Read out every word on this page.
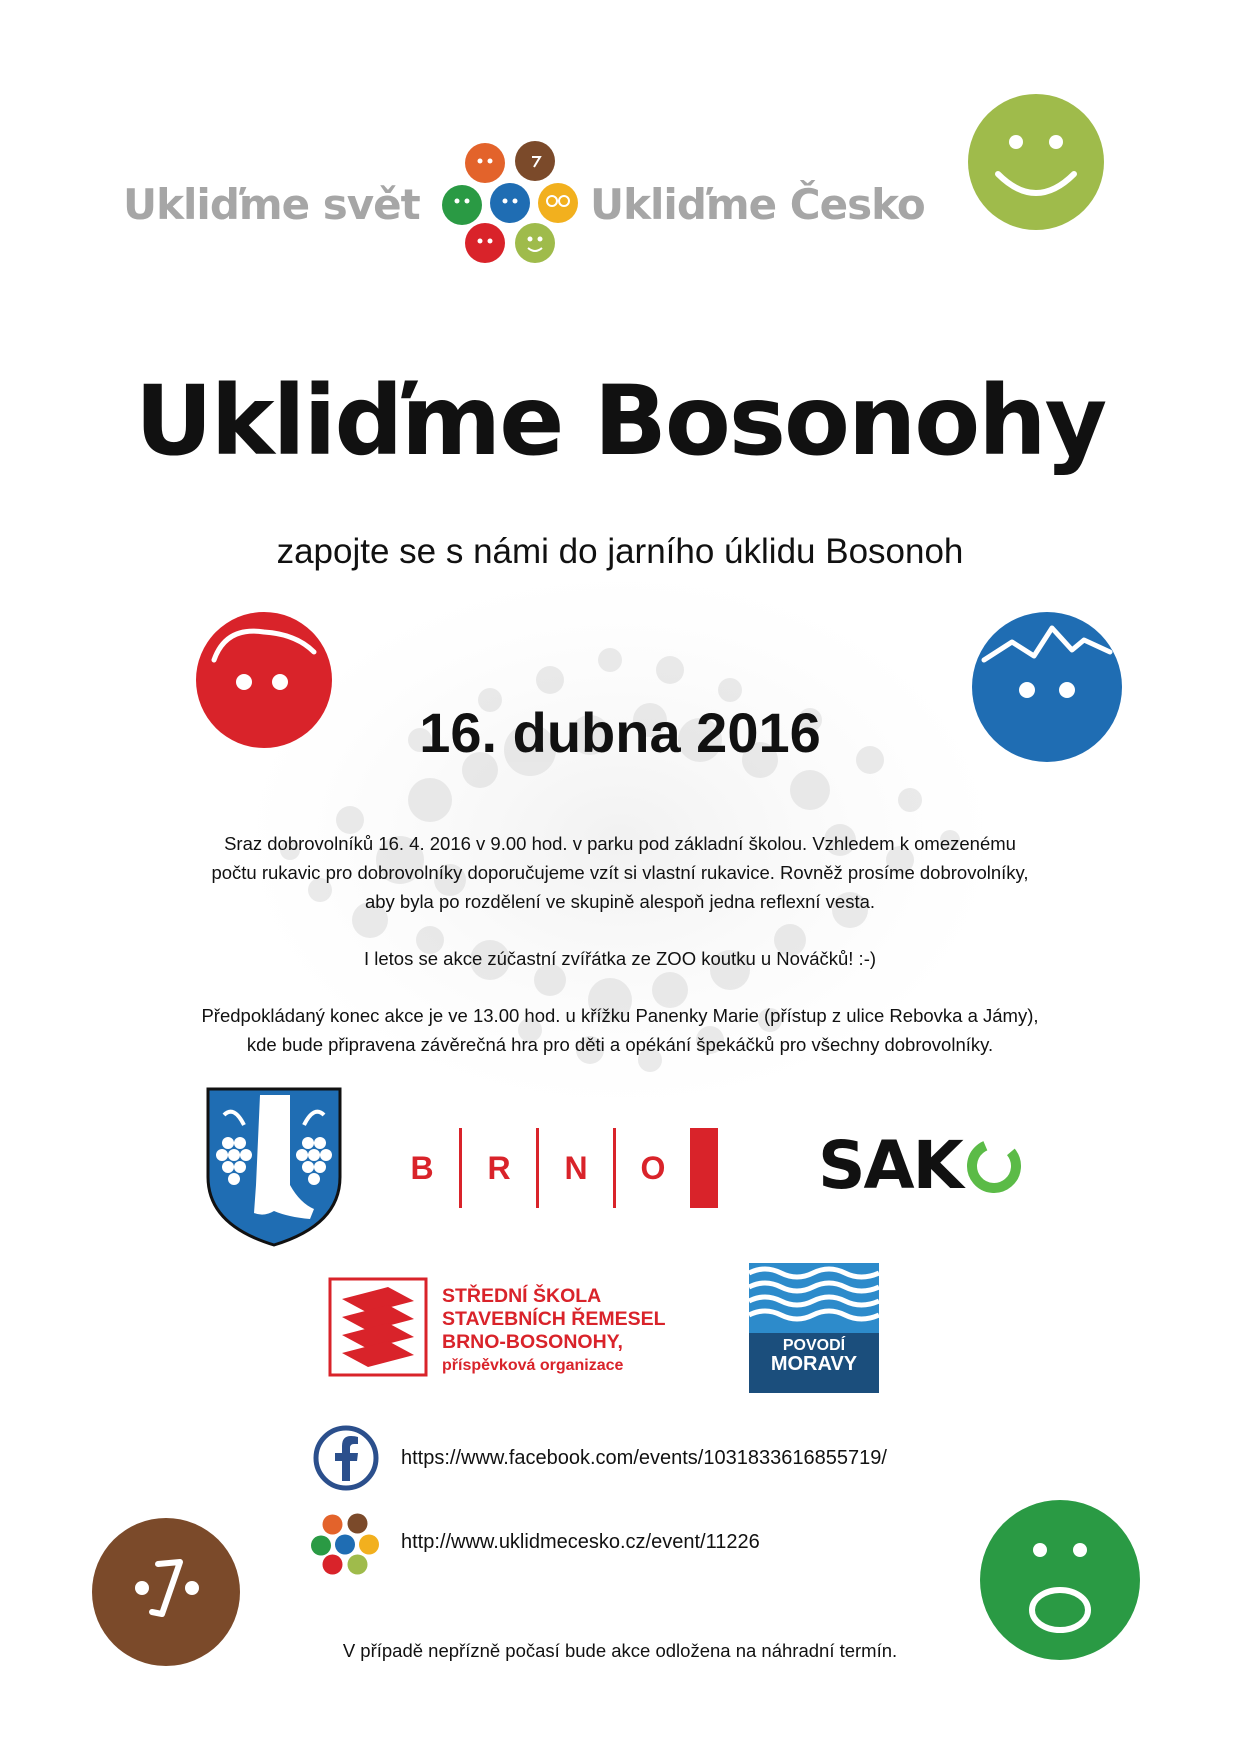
Ukliďme svět	Ukliďme Česko
Ukliďme Bosonohy
zapojte se s námi do jarního úklidu Bosonoh
16. dubna 2016

Sraz dobrovolníků 16. 4. 2016 v 9.00 hod. v parku pod základní školou. Vzhledem k omezenému

počtu rukavic pro dobrovolníky doporučujeme vzít si vlastní rukavice. Rovněž prosíme dobrovolníky,

aby byla po rozdělení ve skupině alespoň jedna reflexní vesta.

I letos se akce zúčastní zvířátka ze ZOO koutku u Nováčků! :-)

Předpokládaný konec akce je ve 13.00 hod. u křížku Panenky Marie (přístup z ulice Rebovka a Jámy),

kde bude připravena závěrečná hra pro děti a opékání špekáčků pro všechny dobrovolníky.

B	R	N	O	SAK
STŘEDNÍ ŠKOLA
STAVEBNÍCH ŘEMESEL
BRNO-BOSONOHY,
příspěvková organizace
POVODÍ
MORAVY
https://www.facebook.com/events/1031833616855719/
http://www.uklidmecesko.cz/event/11226
V případě nepřízně počasí bude akce odložena na náhradní termín.
